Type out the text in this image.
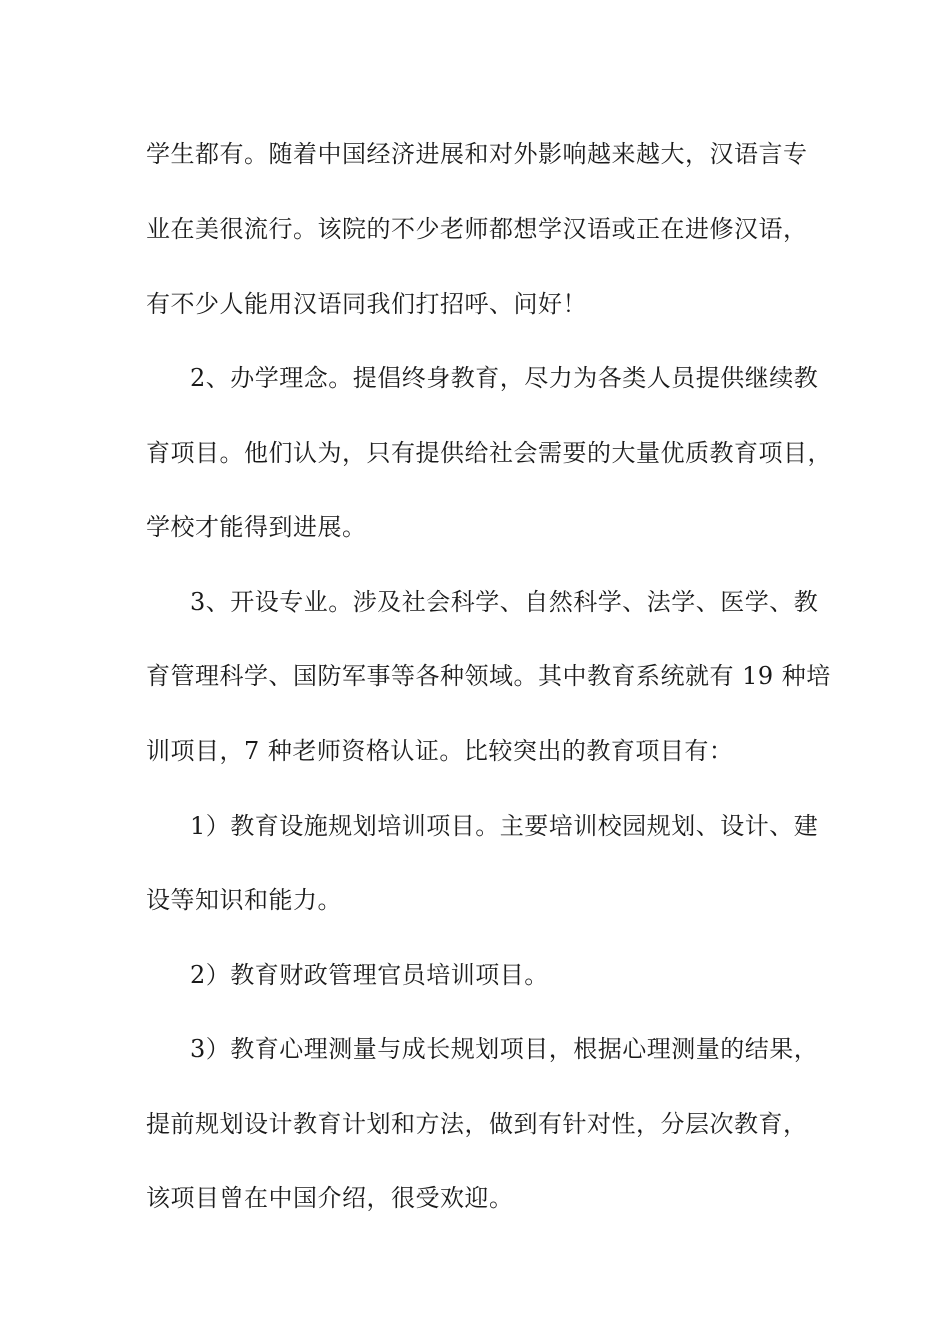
学生都有。随着中国经济进展和对外影响越来越大，汉语言专
业在美很流行。该院的不少老师都想学汉语或正在进修汉语，
有不少人能用汉语同我们打招呼、问好！
2、办学理念。提倡终身教育，尽力为各类人员提供继续教
育项目。他们认为，只有提供给社会需要的大量优质教育项目，
学校才能得到进展。
3、开设专业。涉及社会科学、自然科学、法学、医学、教
育管理科学、国防军事等各种领域。其中教育系统就有 19 种培
训项目，7 种老师资格认证。比较突出的教育项目有：
1）教育设施规划培训项目。主要培训校园规划、设计、建
设等知识和能力。
2）教育财政管理官员培训项目。
3）教育心理测量与成长规划项目，根据心理测量的结果，
提前规划设计教育计划和方法，做到有针对性，分层次教育，
该项目曾在中国介绍，很受欢迎。
